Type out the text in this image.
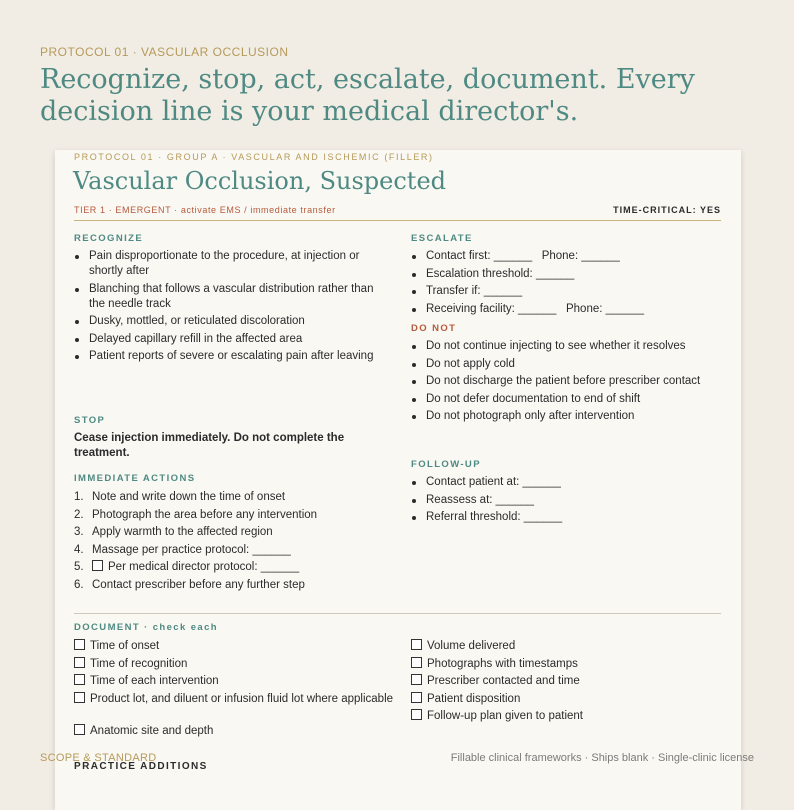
PROTOCOL 01 · VASCULAR OCCLUSION
Recognize, stop, act, escalate, document. Every decision line is your medical director's.
PROTOCOL 01 · GROUP A · VASCULAR AND ISCHEMIC (FILLER)
Vascular Occlusion, Suspected
TIER 1 · EMERGENT · activate EMS / immediate transfer	TIME-CRITICAL: YES
RECOGNIZE
Pain disproportionate to the procedure, at injection or shortly after
Blanching that follows a vascular distribution rather than the needle track
Dusky, mottled, or reticulated discoloration
Delayed capillary refill in the affected area
Patient reports of severe or escalating pain after leaving
STOP
Cease injection immediately. Do not complete the treatment.
IMMEDIATE ACTIONS
1. Note and write down the time of onset
2. Photograph the area before any intervention
3. Apply warmth to the affected region
4. Massage per practice protocol: ______
5. Per medical director protocol: ______
6. Contact prescriber before any further step
ESCALATE
Contact first: ______   Phone: ______
Escalation threshold: ______
Transfer if: ______
Receiving facility: ______   Phone: ______
DO NOT
Do not continue injecting to see whether it resolves
Do not apply cold
Do not discharge the patient before prescriber contact
Do not defer documentation to end of shift
Do not photograph only after intervention
FOLLOW-UP
Contact patient at: ______
Reassess at: ______
Referral threshold: ______
DOCUMENT · check each
Time of onset
Time of recognition
Time of each intervention
Product lot, and diluent or infusion fluid lot where applicable
Anatomic site and depth
Volume delivered
Photographs with timestamps
Prescriber contacted and time
Patient disposition
Follow-up plan given to patient
SCOPE & STANDARD
PRACTICE ADDITIONS
Fillable clinical frameworks · Ships blank · Single-clinic license
